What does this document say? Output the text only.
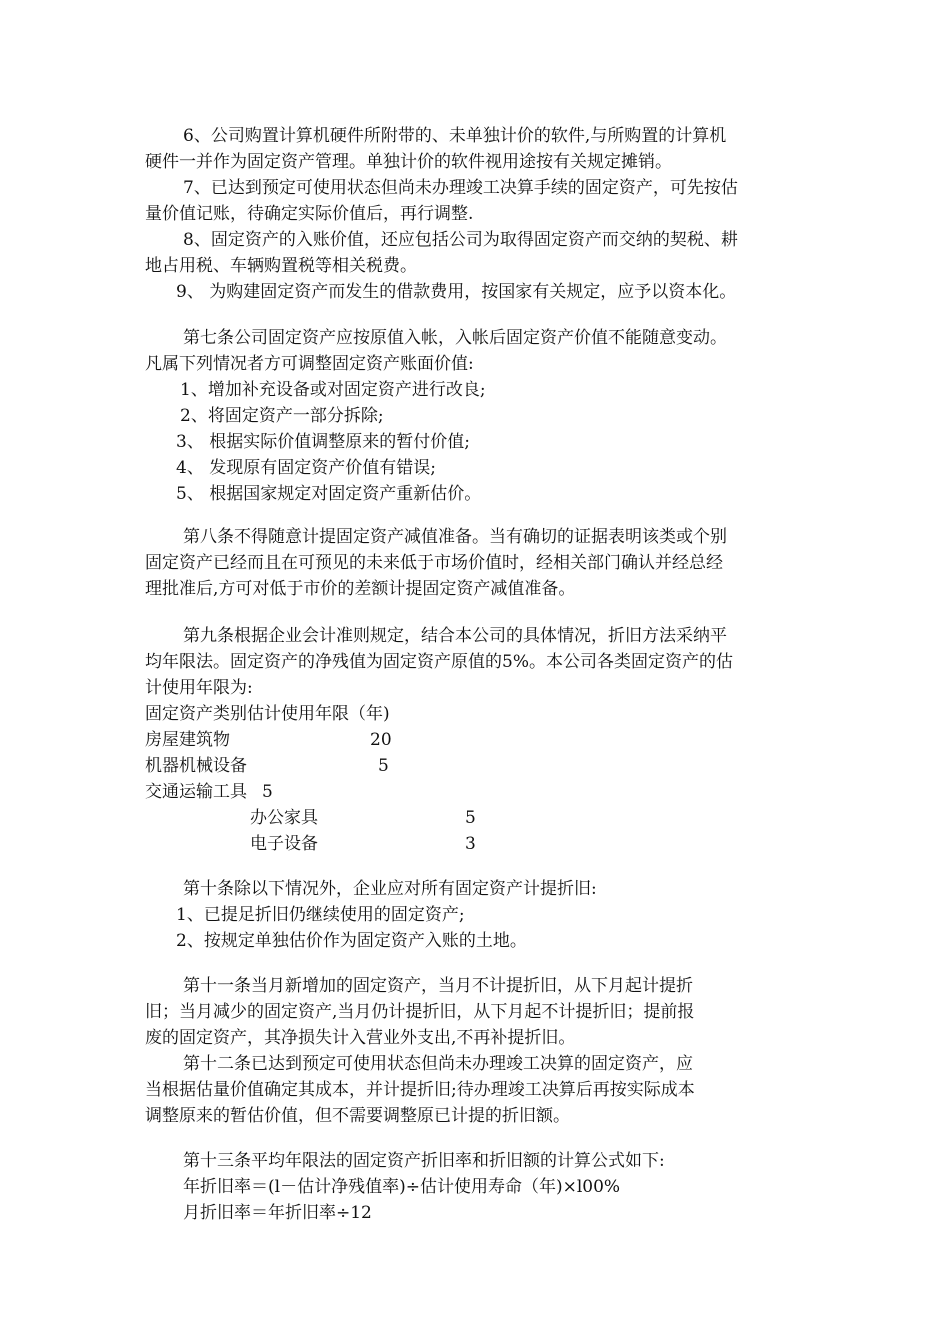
6、公司购置计算机硬件所附带的、未单独计价的软件,与所购置的计算机
硬件一并作为固定资产管理。单独计价的软件视用途按有关规定摊销。
7、已达到预定可使用状态但尚未办理竣工决算手续的固定资产，可先按估
量价值记账，待确定实际价值后，再行调整.
8、固定资产的入账价值，还应包括公司为取得固定资产而交纳的契税、耕
地占用税、车辆购置税等相关税费。
9、 为购建固定资产而发生的借款费用，按国家有关规定，应予以资本化。
第七条公司固定资产应按原值入帐，入帐后固定资产价值不能随意变动。
凡属下列情况者方可调整固定资产账面价值:
1、增加补充设备或对固定资产进行改良;
2、将固定资产一部分拆除;
3、 根据实际价值调整原来的暂付价值;
4、 发现原有固定资产价值有错误;
5、 根据国家规定对固定资产重新估价。
第八条不得随意计提固定资产减值准备。当有确切的证据表明该类或个别
固定资产已经而且在可预见的未来低于市场价值时，经相关部门确认并经总经
理批准后,方可对低于市价的差额计提固定资产减值准备。
第九条根据企业会计准则规定，结合本公司的具体情况，折旧方法采纳平
均年限法。固定资产的净残值为固定资产原值的5%。本公司各类固定资产的估
计使用年限为:
固定资产类别估计使用年限（年)
房屋建筑物	20
机器机械设备	5
交通运输工具 5
办公家具	5
电子设备	3
第十条除以下情况外，企业应对所有固定资产计提折旧:
1、已提足折旧仍继续使用的固定资产;
2、按规定单独估价作为固定资产入账的土地。
第十一条当月新增加的固定资产，当月不计提折旧，从下月起计提折
旧；当月减少的固定资产,当月仍计提折旧，从下月起不计提折旧；提前报
废的固定资产，其净损失计入营业外支出,不再补提折旧。
第十二条已达到预定可使用状态但尚未办理竣工决算的固定资产，应
当根据估量价值确定其成本，并计提折旧;待办理竣工决算后再按实际成本
调整原来的暂估价值，但不需要调整原已计提的折旧额。
第十三条平均年限法的固定资产折旧率和折旧额的计算公式如下:
年折旧率＝(l－估计净残值率)÷估计使用寿命（年)×l00%
月折旧率＝年折旧率÷12
